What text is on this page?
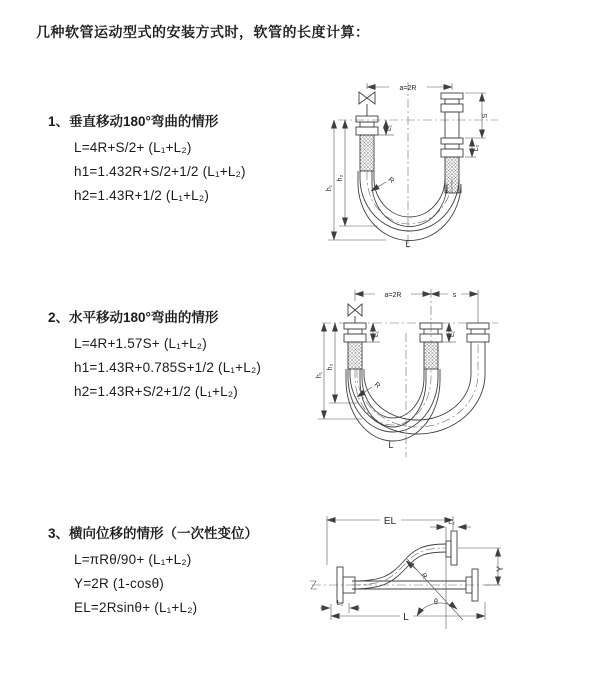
几种软管运动型式的安装方式时，软管的长度计算：
1、垂直移动180°弯曲的情形
L=4R+S/2+ (L₁+L₂)
h1=1.432R+S/2+1/2 (L₁+L₂)
h2=1.43R+1/2 (L₁+L₂)
2、水平移动180°弯曲的情形
L=4R+1.57S+ (L₁+L₂)
h1=1.43R+0.785S+1/2 (L₁+L₂)
h2=1.43R+S/2+1/2 (L₁+L₂)
3、横向位移的情形（一次性变位）
L=πRθ/90+ (L₁+L₂)
Y=2R (1-cosθ)
EL=2Rsinθ+ (L₁+L₂)
a=2R
R
h₁
h₂
L₁
S
L₂
L
a=2R	s
R
h₁
h₂
L₁	L₁
L
EL	L₂
R
θ
Y
L
L₁
